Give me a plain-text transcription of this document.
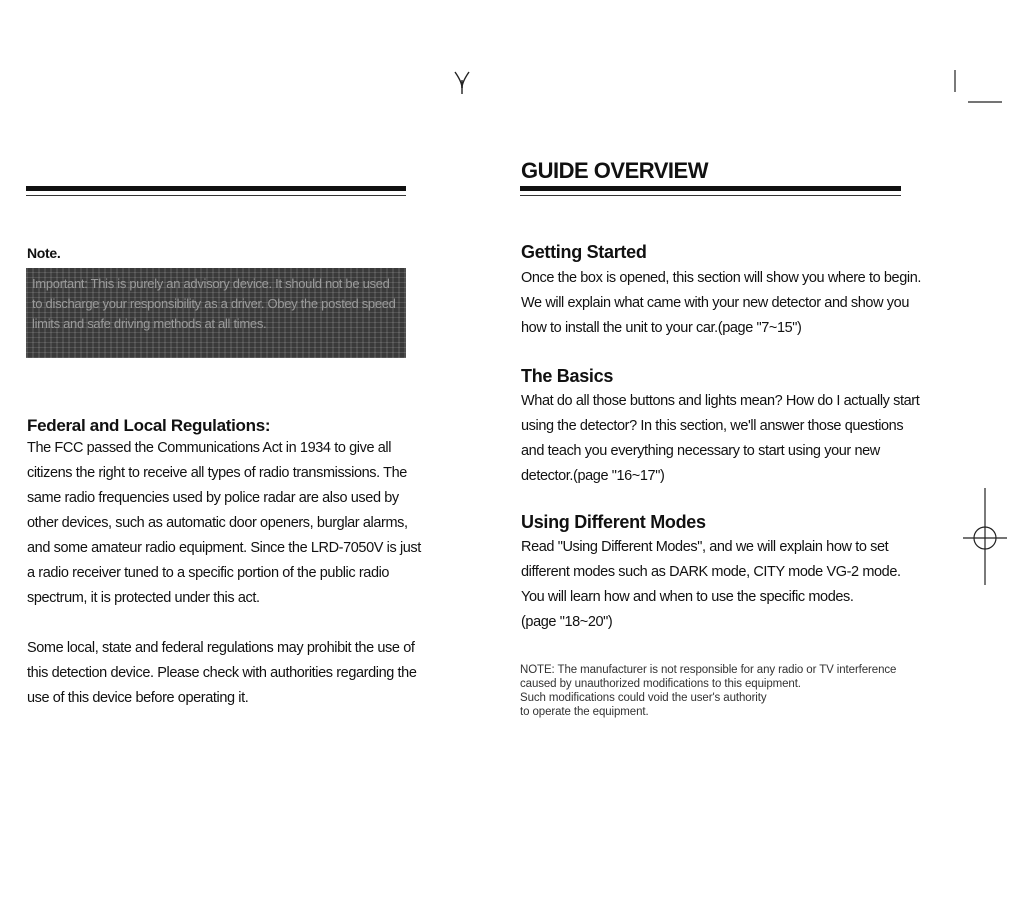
Note.
Important: This is purely an advisory device. It should not be used to discharge your responsibility as a driver. Obey the posted speed limits and safe driving methods at all times.
Federal and Local Regulations:
The FCC passed the Communications Act in 1934 to give all
citizens the right to receive all types of radio transmissions. The
same radio frequencies used by police radar are also used by
other devices, such as automatic door openers, burglar alarms,
and some amateur radio equipment. Since the LRD-7050V is just
a radio receiver tuned to a specific portion of the public radio
spectrum, it is protected under this act.
Some local, state and federal regulations may prohibit the use of
this detection device. Please check with authorities regarding the
use of this device before operating it.
GUIDE OVERVIEW
Getting Started
Once the box is opened, this section will show you where to begin.
We will explain what came with your new detector and show you
how to install the unit to your car.(page "7~15")
The Basics
What do all those buttons and lights mean? How do I actually start
using the detector? In this section, we'll answer those questions
and teach you everything necessary to start using your new
detector.(page "16~17")
Using Different Modes
Read "Using Different Modes", and we will explain how to set
different modes such as DARK mode, CITY mode VG-2 mode.
You will learn how and when to use the specific modes.
(page "18~20")
NOTE: The manufacturer is not responsible for any radio or TV interference
caused by unauthorized modifications to this equipment.
Such modifications could void the user's authority
to operate the equipment.
